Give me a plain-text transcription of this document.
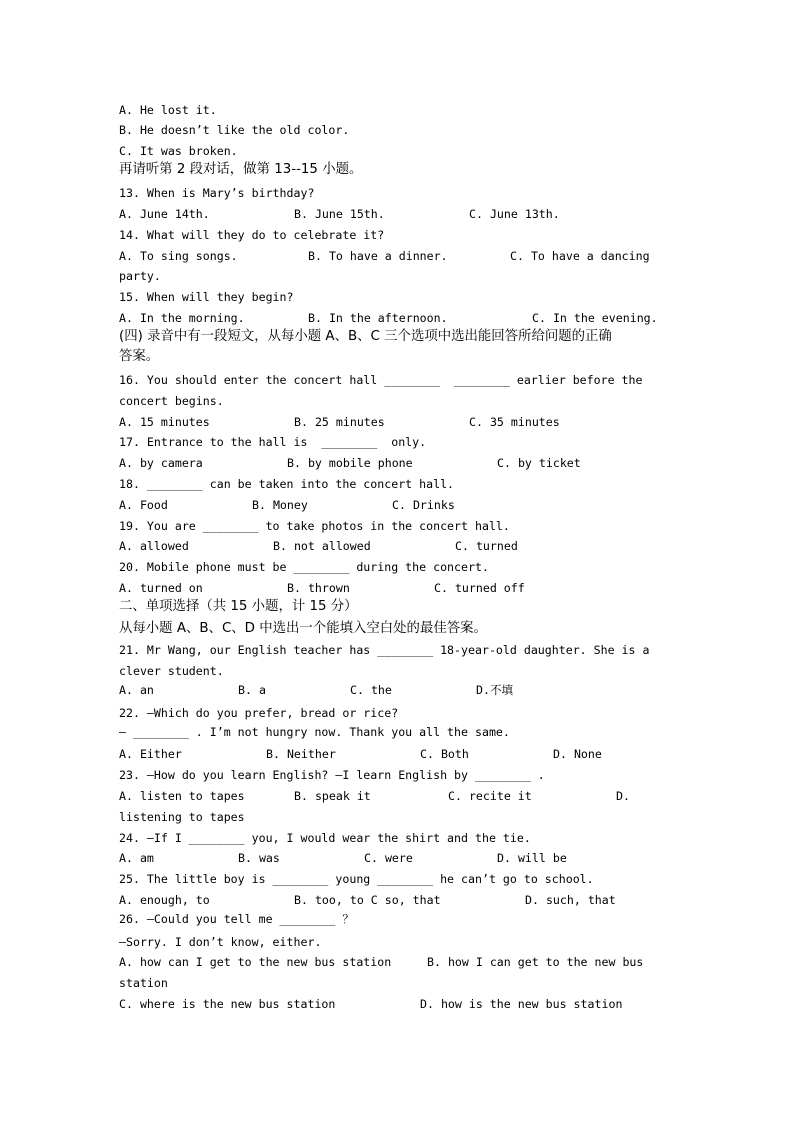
A. He lost it.
B. He doesn’t like the old color.
C. It was broken.
再请听第 2 段对话，做第 13--15 小题。
13. When is Mary’s birthday?
A. June 14th.	B. June 15th.	C. June 13th.
14. What will they do to celebrate it?
A. To sing songs.	B. To have a dinner.	C. To have a dancing
party.
15. When will they begin?
A. In the morning.	B. In the afternoon.	C. In the evening.
(四) 录音中有一段短文，从每小题 A、B、C 三个选项中选出能回答所给问题的正确
答案。
16. You should enter the concert hall ________  ________ earlier before the
concert begins.
A. 15 minutes	B. 25 minutes	C. 35 minutes
17. Entrance to the hall is  ________  only.
A. by camera	B. by mobile phone	C. by ticket
18. ________ can be taken into the concert hall.
A. Food	B. Money	C. Drinks
19. You are ________ to take photos in the concert hall.
A. allowed	B. not allowed	C. turned
20. Mobile phone must be ________ during the concert.
A. turned on	B. thrown	C. turned off
二、单项选择（共 15 小题，计 15 分）
从每小题 A、B、C、D 中选出一个能填入空白处的最佳答案。
21. Mr Wang, our English teacher has ________ 18-year-old daughter. She is a
clever student.
A. an	B. a	C. the	D.不填
22. —Which do you prefer, bread or rice?
— ________ . I’m not hungry now. Thank you all the same.
A. Either	B. Neither	C. Both	D. None
23. —How do you learn English? —I learn English by ________ .
A. listen to tapes	B. speak it	C. recite it	D.
listening to tapes
24. —If I ________ you, I would wear the shirt and the tie.
A. am	B. was	C. were	D. will be
25. The little boy is ________ young ________ he can’t go to school.
A. enough, to	B. too, to C so, that	D. such, that
26. —Could you tell me ________ ？
—Sorry. I don’t know, either.
A. how can I get to the new bus station	B. how I can get to the new bus
station
C. where is the new bus station	D. how is the new bus station
